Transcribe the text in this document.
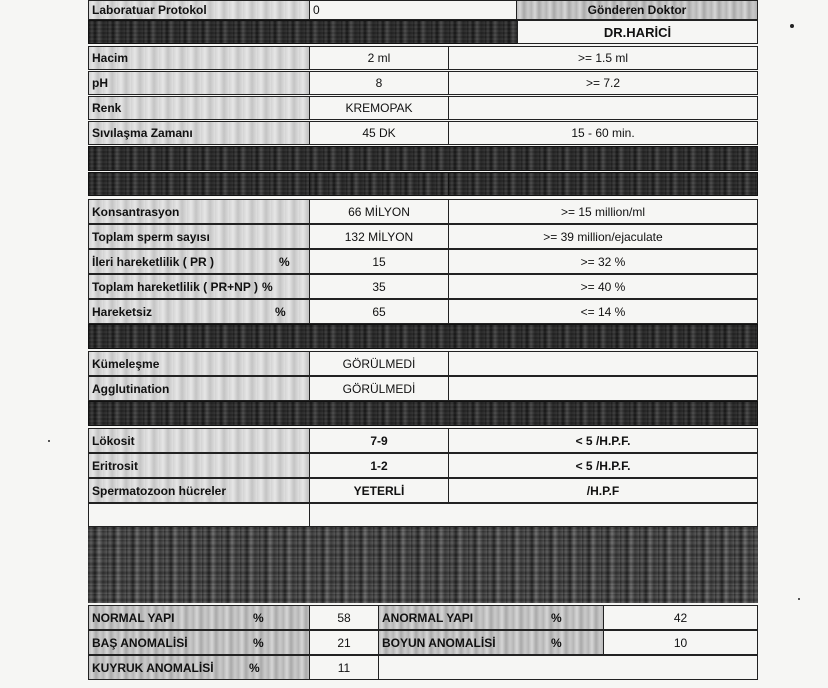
Laboratuar Protokol	0	Gönderen Doktor
DR.HARİCİ
Hacim	2 ml	>= 1.5 ml
pH	8	>= 7.2
Renk	KREMOPAK
Sıvılaşma Zamanı	45 DK	15 - 60 min.
Konsantrasyon	66 MİLYON	>= 15 million/ml
Toplam sperm sayısı	132 MİLYON	>= 39 million/ejaculate
İleri hareketlilik ( PR )	%	15	>= 32 %
Toplam hareketlilik ( PR+NP ) %	35	>= 40 %
Hareketsiz	%	65	<= 14 %
Kümeleşme	GÖRÜLMEDİ
Agglutination	GÖRÜLMEDİ
Lökosit	7-9	< 5 /H.P.F.
Eritrosit	1-2	< 5 /H.P.F.
Spermatozoon hücreler	YETERLİ	/H.P.F
NORMAL YAPI	%	58	ANORMAL YAPI	%	42
BAŞ ANOMALİSİ	%	21	BOYUN ANOMALİSİ	%	10
KUYRUK ANOMALİSİ	%	11
